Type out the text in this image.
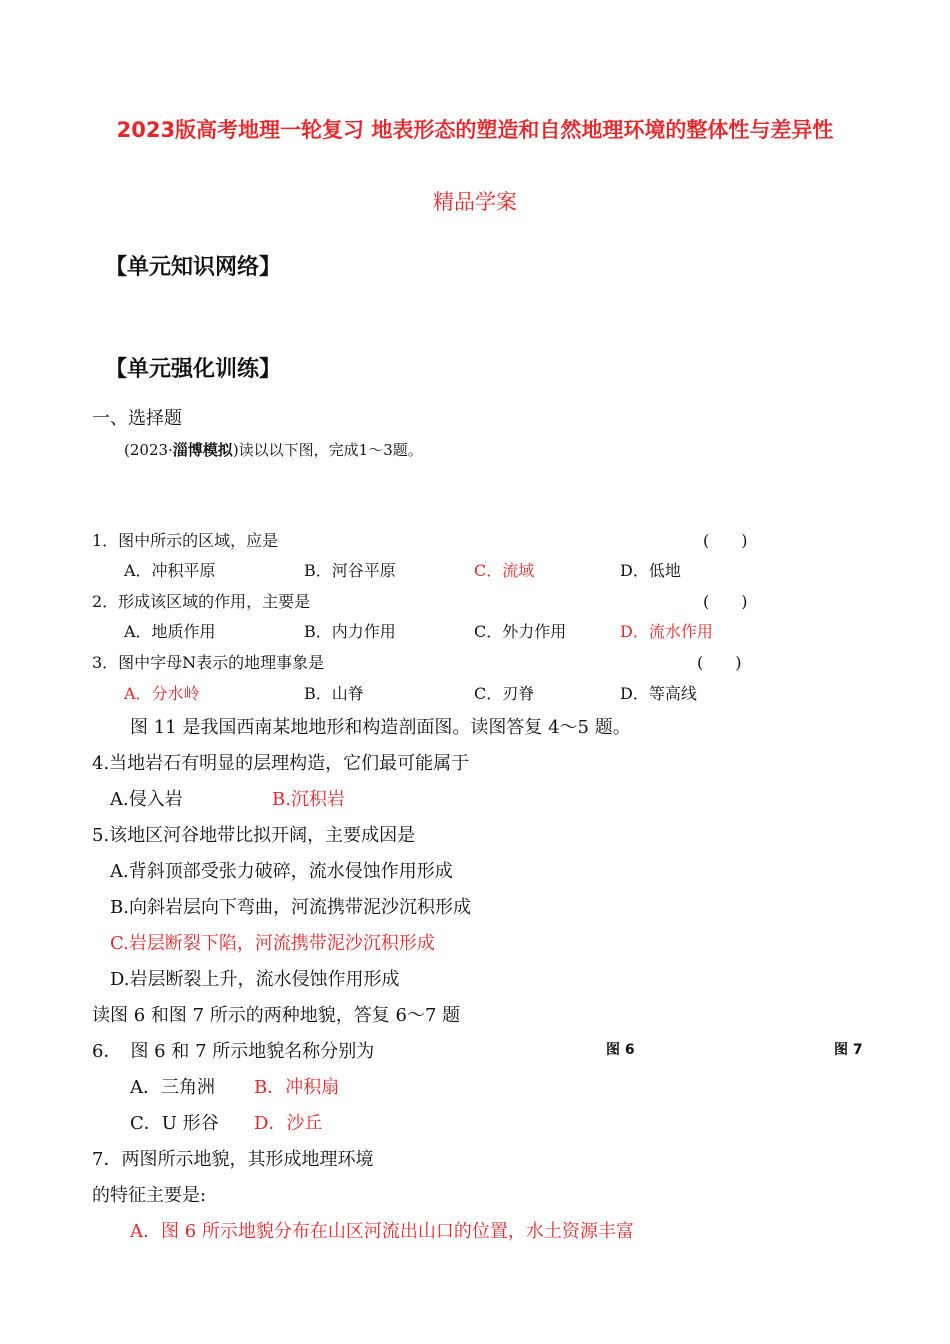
2023版高考地理一轮复习 地表形态的塑造和自然地理环境的整体性与差异性
精品学案
【单元知识网络】
【单元强化训练】
一、选择题
(2023·淄博模拟)读以以下图，完成1～3题。
1．图中所示的区域，应是	(　　)
A．冲积平原	B．河谷平原	C．流域	D．低地
2．形成该区域的作用，主要是	(　　)
A．地质作用	B．内力作用	C．外力作用	D．流水作用
3．图中字母N表示的地理事象是	(　　)
A．分水岭	B．山脊	C．刃脊	D．等高线
图 11 是我国西南某地地形和构造剖面图。读图答复 4～5 题。
4.当地岩石有明显的层理构造，它们最可能属于
A.侵入岩	B.沉积岩
5.该地区河谷地带比拟开阔，主要成因是
A.背斜顶部受张力破碎，流水侵蚀作用形成
B.向斜岩层向下弯曲，河流携带泥沙沉积形成
C.岩层断裂下陷，河流携带泥沙沉积形成
D.岩层断裂上升，流水侵蚀作用形成
读图 6 和图 7 所示的两种地貌，答复 6～7 题
6．　图 6 和 7 所示地貌名称分别为	图 6	图 7
A．三角洲 B．冲积扇
C．U 形谷 D．沙丘
7．两图所示地貌，其形成地理环境
的特征主要是:
A．图 6 所示地貌分布在山区河流出山口的位置，水土资源丰富
